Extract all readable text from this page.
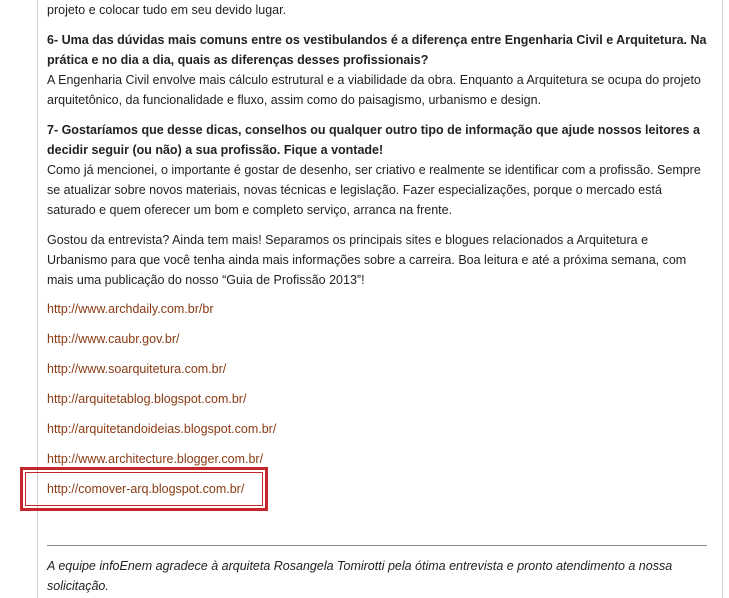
projeto e colocar tudo em seu devido lugar.

6- Uma das dúvidas mais comuns entre os vestibulandos é a diferença entre Engenharia Civil e Arquitetura. Na prática e no dia a dia, quais as diferenças desses profissionais?

A Engenharia Civil envolve mais cálculo estrutural e a viabilidade da obra. Enquanto a Arquitetura se ocupa do projeto arquitetônico, da funcionalidade e fluxo, assim como do paisagismo, urbanismo e design.

7- Gostaríamos que desse dicas, conselhos ou qualquer outro tipo de informação que ajude nossos leitores a decidir seguir (ou não) a sua profissão. Fique a vontade!

Como já mencionei, o importante é gostar de desenho, ser criativo e realmente se identificar com a profissão. Sempre se atualizar sobre novos materiais, novas técnicas e legislação. Fazer especializações, porque o mercado está saturado e quem oferecer um bom e completo serviço, arranca na frente.

Gostou da entrevista? Ainda tem mais! Separamos os principais sites e blogues relacionados a Arquitetura e Urbanismo para que você tenha ainda mais informações sobre a carreira. Boa leitura e até a próxima semana, com mais uma publicação do nosso “Guia de Profissão 2013”!

http://www.archdaily.com.br/br
http://www.caubr.gov.br/
http://www.soarquitetura.com.br/
http://arquitetablog.blogspot.com.br/
http://arquitetandoideias.blogspot.com.br/
http://www.architecture.blogger.com.br/
http://comover-arq.blogspot.com.br/

A equipe infoEnem agradece à arquiteta Rosangela Tomirotti pela ótima entrevista e pronto atendimento a nossa solicitação.
